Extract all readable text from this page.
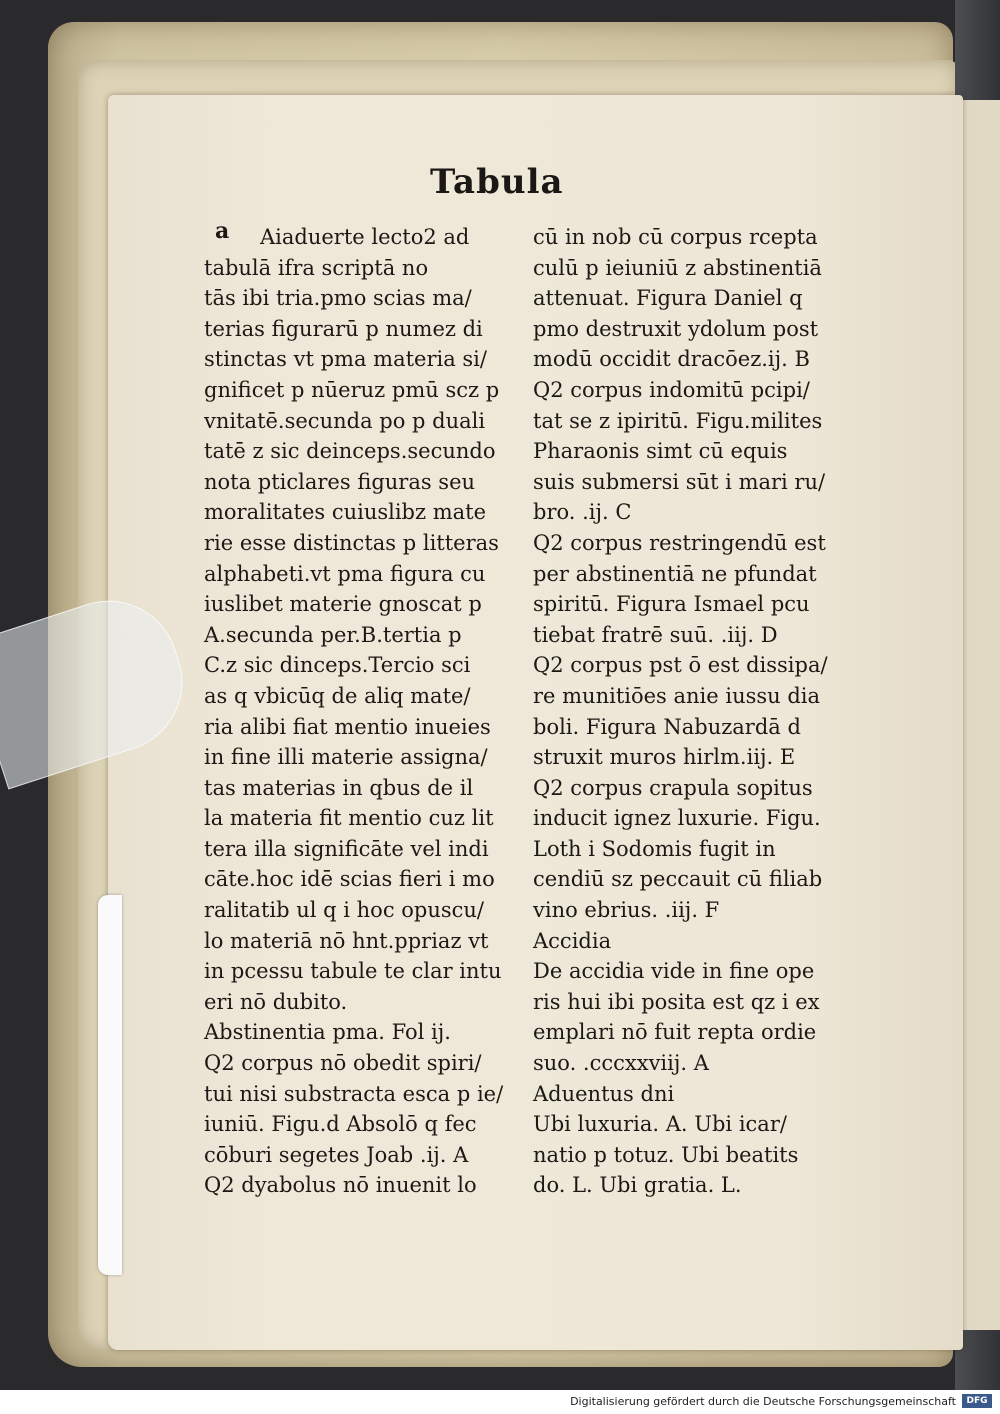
Tabula
a	Aiaduerte lecto2 ad
tabulā ifra scriptā no
tās ibi tria.pmo scias ma/
terias figurarū p numez di
stinctas vt pma materia si/
gnificet p nūeruz pmū scz p
vnitatē.secunda po p duali
tatē z sic deinceps.secundo
nota pticlares figuras seu
moralitates cuiuslibz mate
rie esse distinctas p litteras
alphabeti.vt pma figura cu
iuslibet materie gnoscat p
A.secunda per.B.tertia p
C.z sic dinceps.Tercio sci
as q vbicūq de aliq mate/
ria alibi fiat mentio inueies
in fine illi materie assigna/
tas materias in qbus de il
la materia fit mentio cuz lit
tera illa significāte vel indi
cāte.hoc idē scias fieri i mo
ralitatib ul q i hoc opuscu/
lo materiā nō hnt.ppriaz vt
in pcessu tabule te clar intu
eri nō dubito.
Abstinentia pma. Fol ij.
Q2 corpus nō obedit spiri/
tui nisi substracta esca p ie/
iuniū. Figu.d Absolō q fec
cōburi segetes Joab .ij. A
Q2 dyabolus nō inuenit lo
cū in nob cū corpus rcepta
culū p ieiuniū z abstinentiā
attenuat. Figura Daniel q
pmo destruxit ydolum post
modū occidit dracōez.ij. B
Q2 corpus indomitū pcipi/
tat se z ipiritū. Figu.milites
Pharaonis simt cū equis
suis submersi sūt i mari ru/
bro. .ij. C
Q2 corpus restringendū est
per abstinentiā ne pfundat
spiritū. Figura Ismael pcu
tiebat fratrē suū. .iij. D
Q2 corpus pst ō est dissipa/
re munitiōes anie iussu dia
boli. Figura Nabuzardā d
struxit muros hirlm.iij. E
Q2 corpus crapula sopitus
inducit ignez luxurie. Figu.
Loth i Sodomis fugit in
cendiū sz peccauit cū filiab
vino ebrius. .iij. F
Accidia
De accidia vide in fine ope
ris hui ibi posita est qz i ex
emplari nō fuit repta ordie
suo. .cccxxviij. A
Aduentus dni
Ubi luxuria. A. Ubi icar/
natio p totuz. Ubi beatits
do. L. Ubi gratia. L.
Digitalisierung gefördert durch die Deutsche Forschungsgemeinschaft	DFG
